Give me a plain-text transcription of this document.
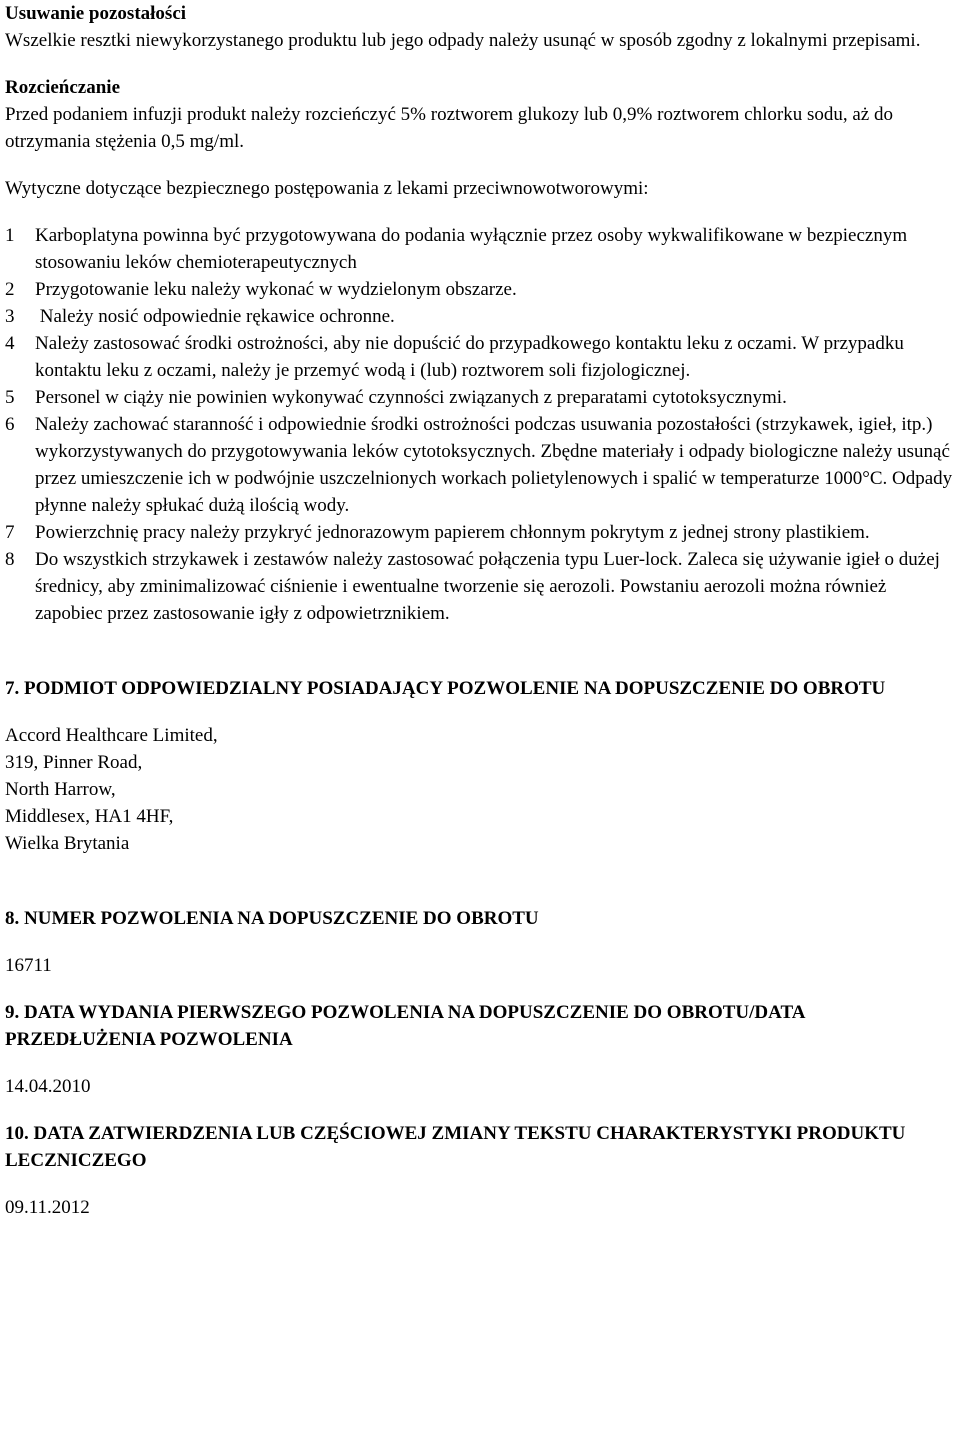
Usuwanie pozostałości
Wszelkie resztki niewykorzystanego produktu lub jego odpady należy usunąć w sposób zgodny z lokalnymi przepisami.
Rozcieńczanie
Przed podaniem infuzji produkt należy rozcieńczyć 5% roztworem glukozy lub 0,9% roztworem chlorku sodu, aż do otrzymania stężenia 0,5 mg/ml.
Wytyczne dotyczące bezpiecznego postępowania z lekami przeciwnowotworowymi:
1	Karboplatyna powinna być przygotowywana do podania wyłącznie przez osoby wykwalifikowane w bezpiecznym stosowaniu leków chemioterapeutycznych
2	Przygotowanie leku należy wykonać w wydzielonym obszarze.
3	Należy nosić odpowiednie rękawice ochronne.
4	Należy zastosować środki ostrożności, aby nie dopuścić do przypadkowego kontaktu leku z oczami. W przypadku kontaktu leku z oczami, należy je przemyć wodą i (lub) roztworem soli fizjologicznej.
5	Personel w ciąży nie powinien wykonywać czynności związanych z preparatami cytotoksycznymi.
6	Należy zachować staranność i odpowiednie środki ostrożności podczas usuwania pozostałości (strzykawek, igieł, itp.) wykorzystywanych do przygotowywania leków cytotoksycznych. Zbędne materiały i odpady biologiczne należy usunąć przez umieszczenie ich w podwójnie uszczelnionych workach polietylenowych i spalić w temperaturze 1000°C. Odpady płynne należy spłukać dużą ilością wody.
7	Powierzchnię pracy należy przykryć jednorazowym papierem chłonnym pokrytym z jednej strony plastikiem.
8	Do wszystkich strzykawek i zestawów należy zastosować połączenia typu Luer-lock. Zaleca się używanie igieł o dużej średnicy, aby zminimalizować ciśnienie i ewentualne tworzenie się aerozoli. Powstaniu aerozoli można również zapobiec przez zastosowanie igły z odpowietrznikiem.
7. PODMIOT ODPOWIEDZIALNY POSIADAJĄCY POZWOLENIE NA DOPUSZCZENIE DO OBROTU
Accord Healthcare Limited,
319, Pinner Road,
North Harrow,
Middlesex, HA1 4HF,
Wielka Brytania
8. NUMER POZWOLENIA NA DOPUSZCZENIE DO OBROTU
16711
9. DATA WYDANIA PIERWSZEGO POZWOLENIA NA DOPUSZCZENIE DO OBROTU/DATA PRZEDŁUŻENIA POZWOLENIA
14.04.2010
10. DATA ZATWIERDZENIA LUB CZĘŚCIOWEJ ZMIANY TEKSTU CHARAKTERYSTYKI PRODUKTU LECZNICZEGO
09.11.2012
